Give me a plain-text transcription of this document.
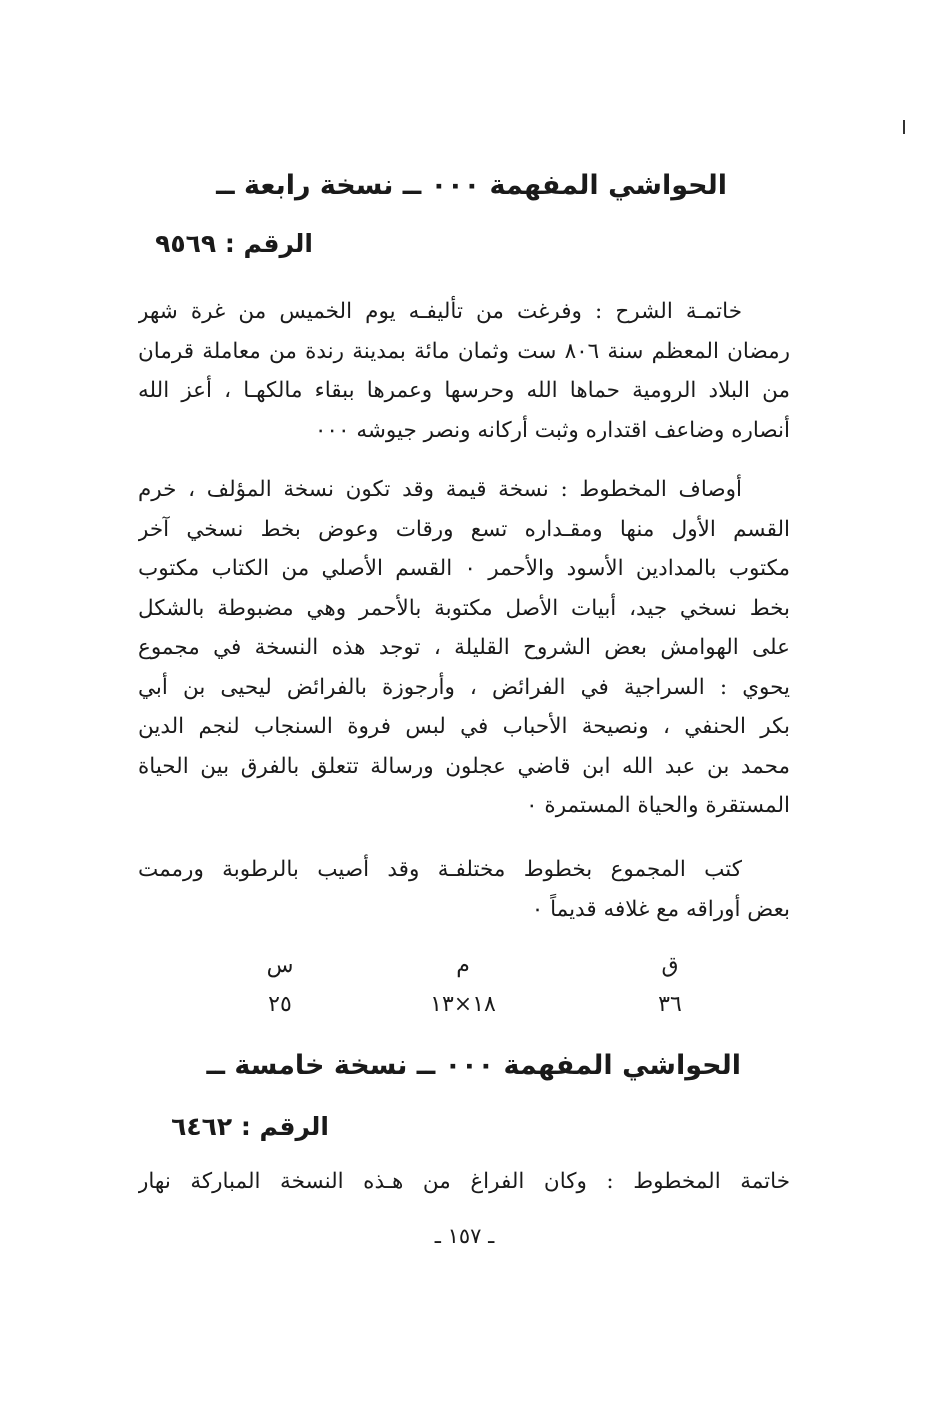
الحواشي المفهمة ٠٠٠ ــ نسخة رابعة ــ
الرقم : ٩٥٦٩
خاتمـة الشرح : وفرغت من تأليفـه يوم الخميس من غرة شهر
رمضان المعظم سنة ٨٠٦ ست وثمان مائة بمدينة رندة من معاملة قرمان
من البلاد الرومية حماها الله وحرسها وعمرها ببقاء مالكهـا ، أعز الله
أنصاره وضاعف اقتداره وثبت أركانه ونصر جيوشه ٠٠٠
أوصاف المخطوط : نسخة قيمة وقد تكون نسخة المؤلف ، خرم
القسم الأول منها ومقـداره تسع ورقات وعوض بخط نسخي آخر
مكتوب بالمدادين الأسود والأحمر ٠ القسم الأصلي من الكتاب مكتوب
بخط نسخي جيد، أبيات الأصل مكتوبة بالأحمر وهي مضبوطة بالشكل
على الهوامش بعض الشروح القليلة ، توجد هذه النسخة في مجموع
يحوي : السراجية في الفرائض ، وأرجوزة بالفرائض ليحيى بن أبي
بكر الحنفي ، ونصيحة الأحباب في لبس فروة السنجاب لنجم الدين
محمد بن عبد الله ابن قاضي عجلون ورسالة تتعلق بالفرق بين الحياة
المستقرة والحياة المستمرة ٠
كتب المجموع بخطوط مختلفـة وقد أصيب بالرطوبة ورممت
بعض أوراقه مع غلافه قديماً ٠
ق
م
س
٣٦
١٨×١٣
٢٥
الحواشي المفهمة ٠٠٠ ــ نسخة خامسة ــ
الرقم : ٦٤٦٢
خاتمة المخطوط : وكان الفراغ من هـذه النسخة المباركة نهار
ـ ١٥٧ ـ
